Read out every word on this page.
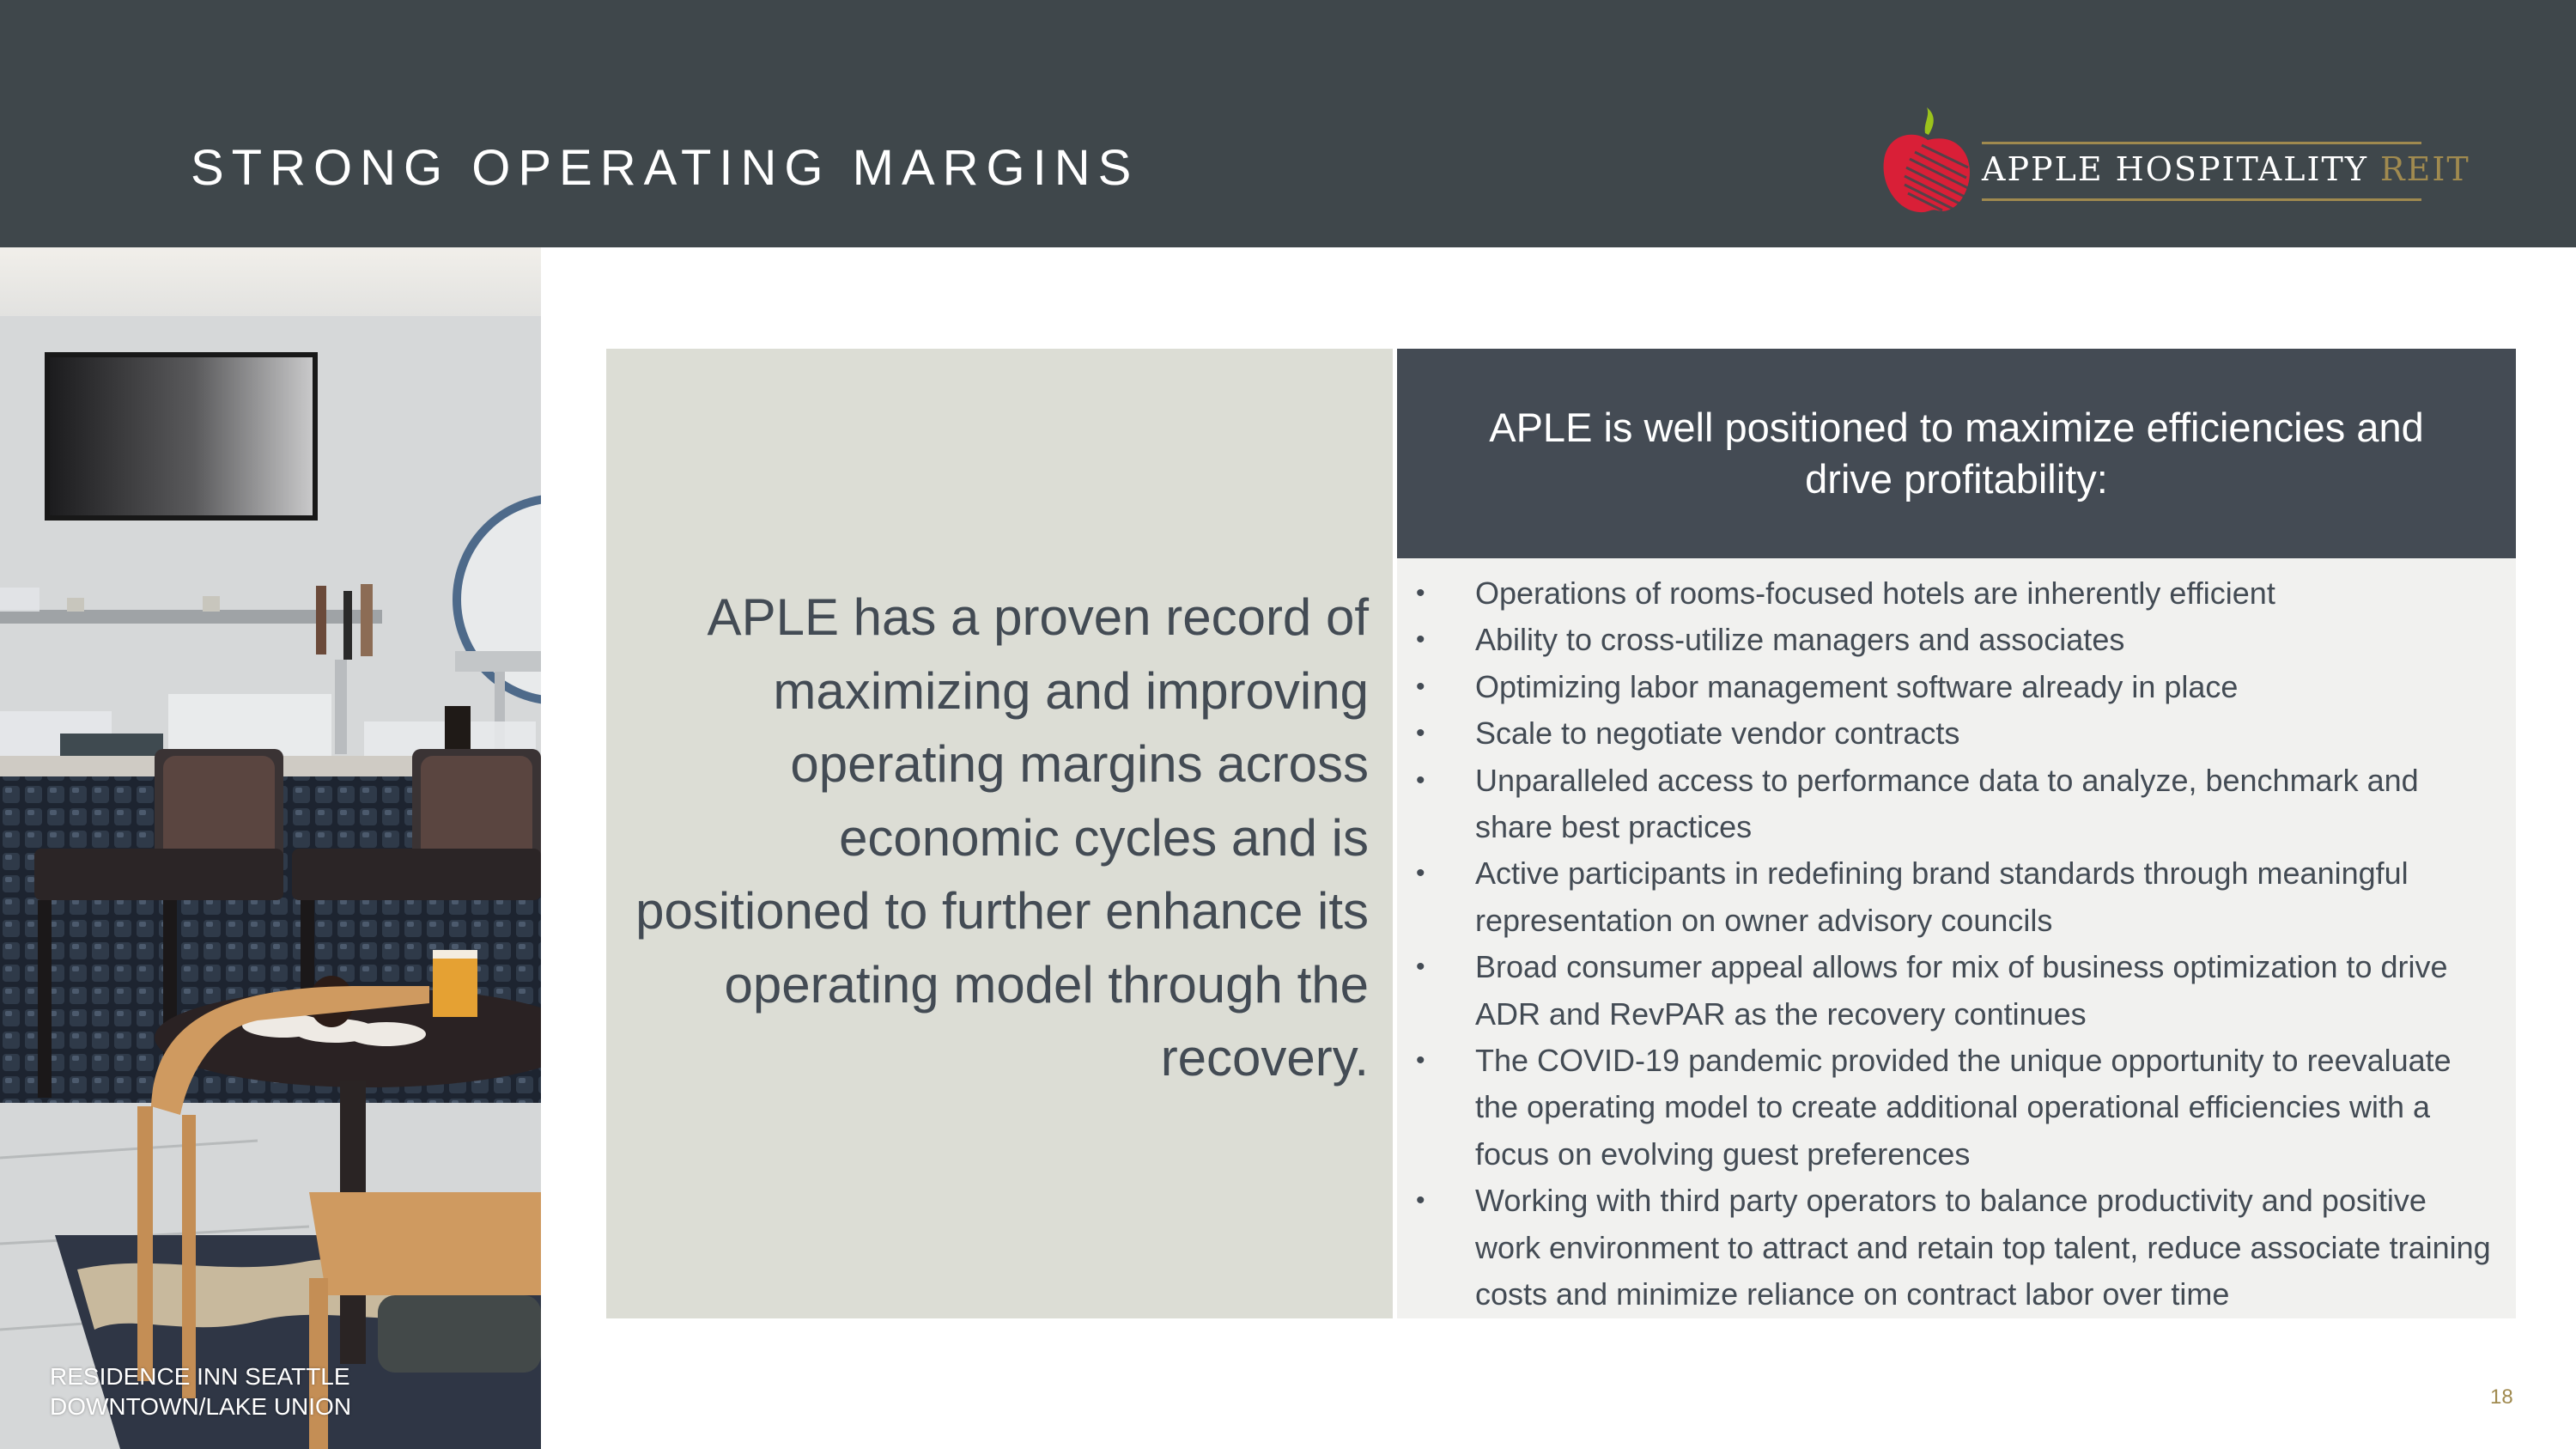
STRONG OPERATING MARGINS	APPLE HOSPITALITY REIT
RESIDENCE INN SEATTLE
DOWNTOWN/LAKE UNION
APLE has a proven record of maximizing and improving operating margins across economic cycles and is positioned to further enhance its operating model through the recovery.
APLE is well positioned to maximize efficiencies and drive profitability:
• Operations of rooms-focused hotels are inherently efficient
• Ability to cross-utilize managers and associates
• Optimizing labor management software already in place
• Scale to negotiate vendor contracts
• Unparalleled access to performance data to analyze, benchmark and share best practices
• Active participants in redefining brand standards through meaningful representation on owner advisory councils
• Broad consumer appeal allows for mix of business optimization to drive ADR and RevPAR as the recovery continues
• The COVID-19 pandemic provided the unique opportunity to reevaluate the operating model to create additional operational efficiencies with a focus on evolving guest preferences
• Working with third party operators to balance productivity and positive work environment to attract and retain top talent, reduce associate training costs and minimize reliance on contract labor over time
18
